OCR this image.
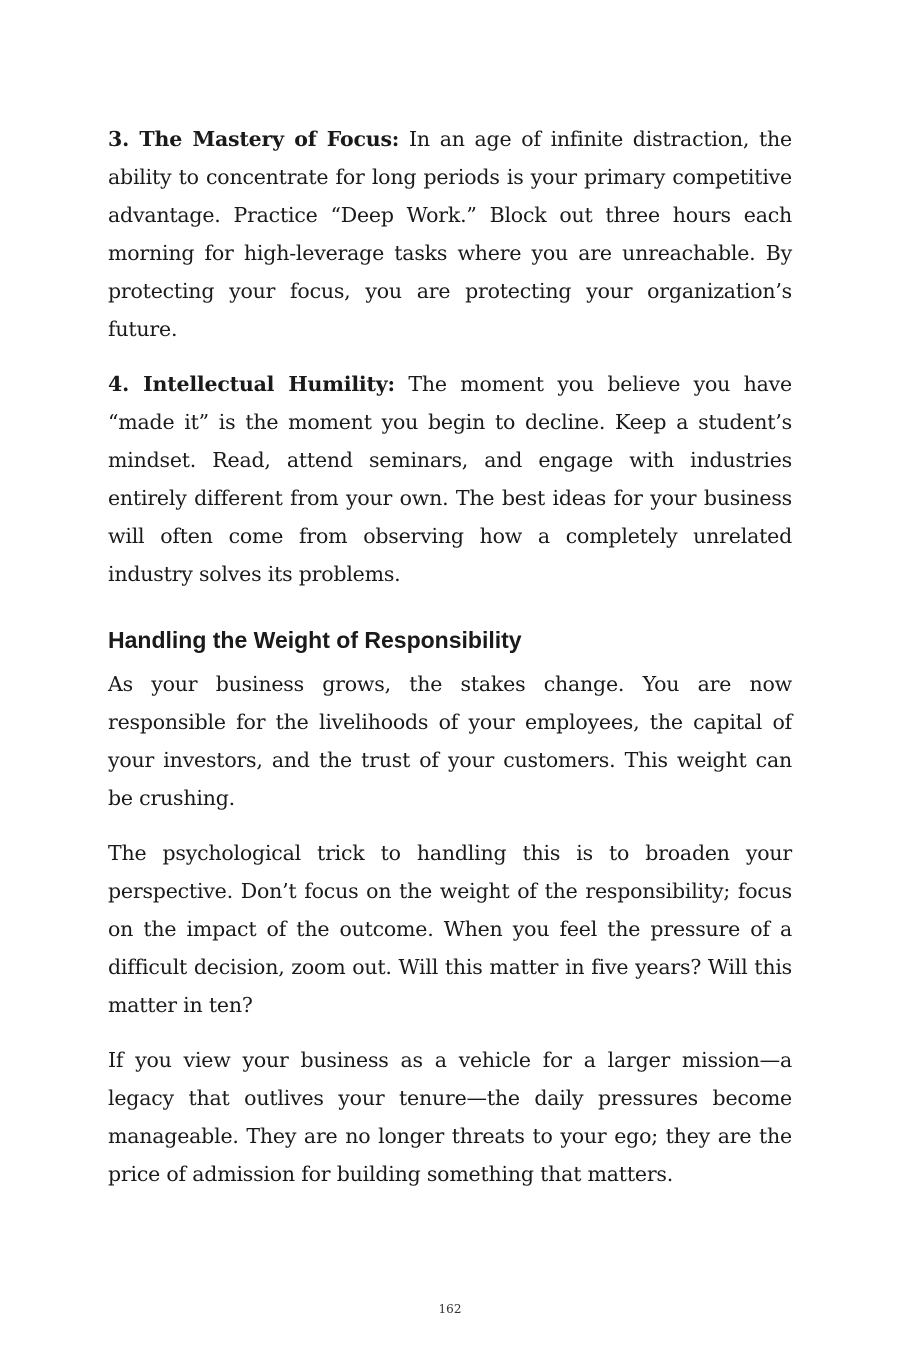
3. The Mastery of Focus: In an age of infinite distraction, the ability to concentrate for long periods is your primary competitive advantage. Practice “Deep Work.” Block out three hours each morning for high-leverage tasks where you are unreachable. By protecting your focus, you are protecting your organization’s future.

4. Intellectual Humility: The moment you believe you have “made it” is the moment you begin to decline. Keep a student’s mindset. Read, attend seminars, and engage with industries entirely different from your own. The best ideas for your business will often come from observing how a completely unrelated industry solves its problems.

Handling the Weight of Responsibility

As your business grows, the stakes change. You are now responsible for the livelihoods of your employees, the capital of your investors, and the trust of your customers. This weight can be crushing.

The psychological trick to handling this is to broaden your perspective. Don’t focus on the weight of the responsibility; focus on the impact of the outcome. When you feel the pressure of a difficult decision, zoom out. Will this matter in five years? Will this matter in ten?

If you view your business as a vehicle for a larger mission—a legacy that outlives your tenure—the daily pressures become manageable. They are no longer threats to your ego; they are the price of admission for building something that matters.

162
